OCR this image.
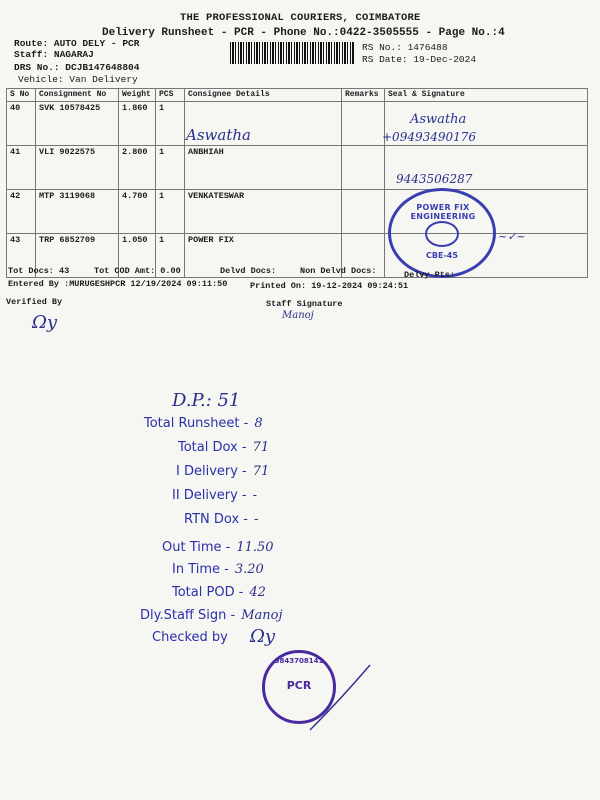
THE PROFESSIONAL COURIERS, COIMBATORE
Delivery Runsheet - PCR - Phone No.:0422-3505555 - Page No.:4
Route: AUTO DELY - PCR
Staff: NAGARAJ
DRS No.: DCJB147648804
Vehicle: Van Delivery
RS No.: 1476488
RS Date: 19-Dec-2024
S No	Consignment No	Weight	PCS	Consignee Details	Remarks	Seal & Signature
40	SVK 10578425	1.860	1			
41	VLI 9022575	2.800	1	ANBHIAH		
42	MTP 3119068	4.700	1	VENKATESWAR		
43	TRP 6852709	1.050	1	POWER FIX		
Aswatha
Aswatha
+09493490176
9443506287
POWER FIX ENGINEERING
CBE-45
~✓~
Tot Docs: 43	Tot COD Amt: 0.00	Delvd Docs:	Non Delvd Docs:	Delvy Pts:
Entered By :MURUGESHPCR 12/19/2024 09:11:50	Printed On: 19-12-2024 09:24:51
Verified By	Staff Signature
Ωy	Manoj
D.P.: 51
Total Runsheet - 8
Total Dox - 71
I Delivery - 71
II Delivery - -
RTN Dox - -
Out Time - 11.50
In Time - 3.20
Total POD - 42
Dly.Staff Sign - Manoj
Checked by	Ωy
9843708141
PCR
